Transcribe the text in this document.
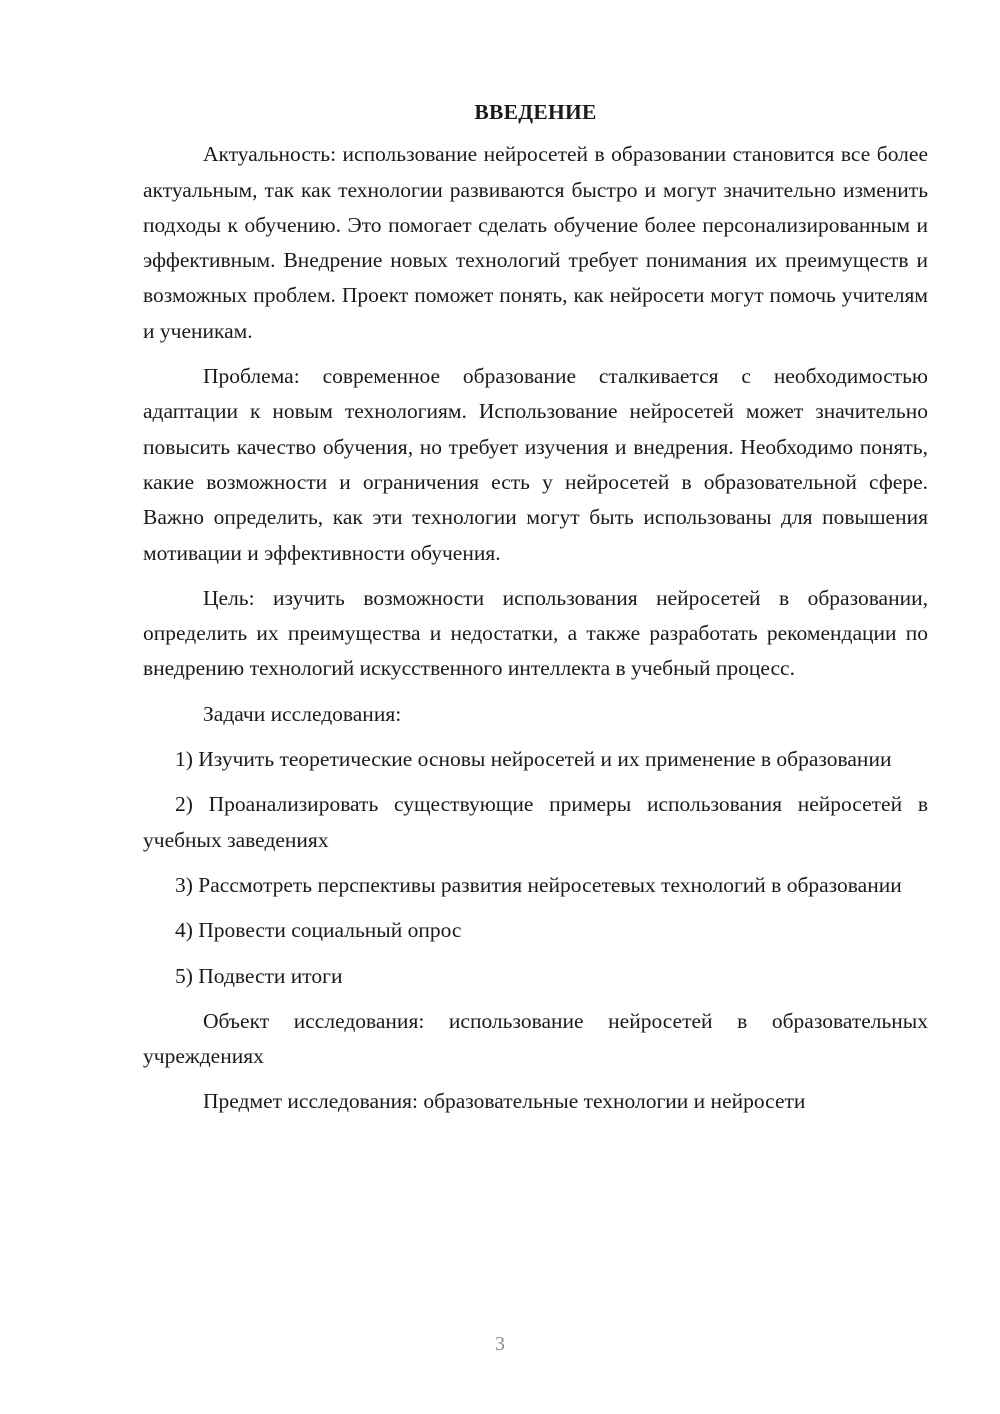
ВВЕДЕНИЕ

Актуальность: использование нейросетей в образовании становится все более актуальным, так как технологии развиваются быстро и могут значительно изменить подходы к обучению. Это помогает сделать обучение более персонализированным и эффективным. Внедрение новых технологий требует понимания их преимуществ и возможных проблем. Проект поможет понять, как нейросети могут помочь учителям и ученикам.

Проблема: современное образование сталкивается с необходимостью адаптации к новым технологиям. Использование нейросетей может значительно повысить качество обучения, но требует изучения и внедрения. Необходимо понять, какие возможности и ограничения есть у нейросетей в образовательной сфере. Важно определить, как эти технологии могут быть использованы для повышения мотивации и эффективности обучения.

Цель: изучить возможности использования нейросетей в образовании, определить их преимущества и недостатки, а также разработать рекомендации по внедрению технологий искусственного интеллекта в учебный процесс.

Задачи исследования:

1) Изучить теоретические основы нейросетей и их применение в образовании

2) Проанализировать существующие примеры использования нейросетей в учебных заведениях

3) Рассмотреть перспективы развития нейросетевых технологий в образовании

4) Провести социальный опрос

5) Подвести итоги

Объект исследования: использование нейросетей в образовательных учреждениях

Предмет исследования: образовательные технологии и нейросети

3
